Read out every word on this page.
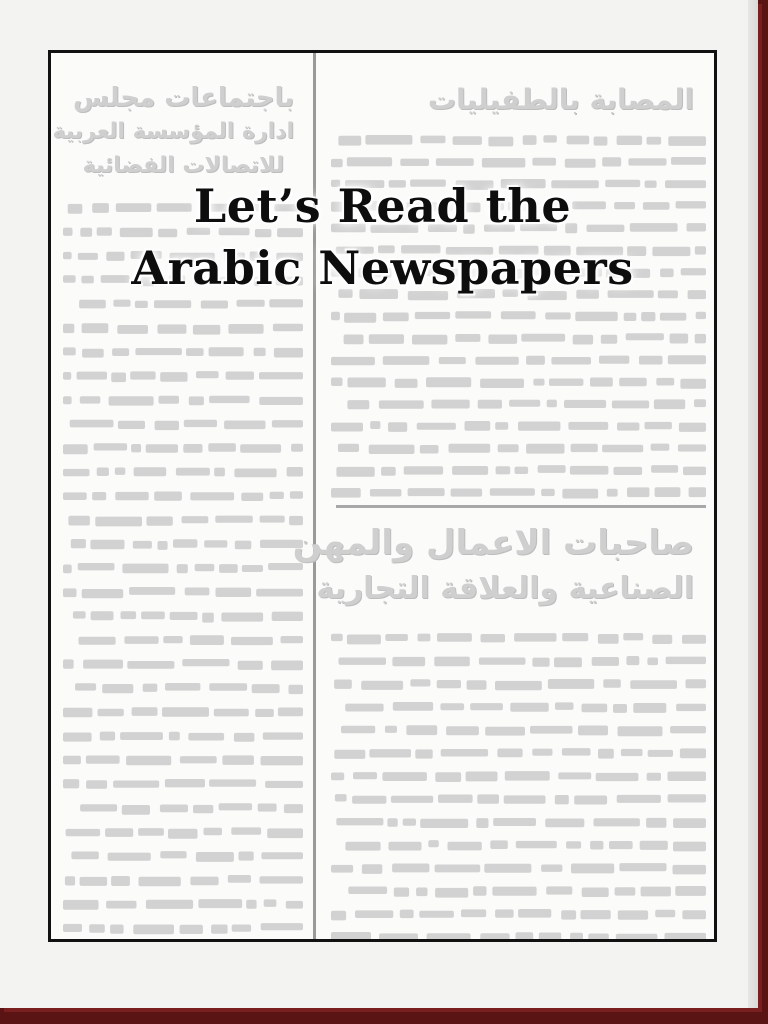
باجتماعات مجلس
ادارة المؤسسة العربية
للاتصالات الفضائية
المصابة بالطفيليات
صاحبات الاعمال والمهن
الصناعية والعلاقة التجارية
Let’s Read the
Arabic Newspapers
